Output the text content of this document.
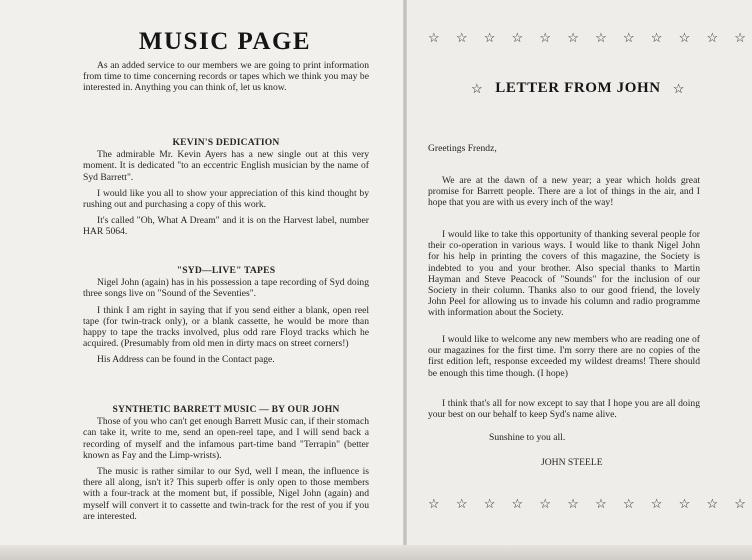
MUSIC PAGE

As an added service to our members we are going to print information from time to time concerning records or tapes which we think you may be interested in. Anything you can think of, let us know.

KEVIN'S DEDICATION

The admirable Mr. Kevin Ayers has a new single out at this very moment. It is dedicated "to an eccentric English musician by the name of Syd Barrett".

I would like you all to show your appreciation of this kind thought by rushing out and purchasing a copy of this work.

It's called "Oh, What A Dream" and it is on the Harvest label, number HAR 5064.

"SYD—LIVE" TAPES

Nigel John (again) has in his possession a tape recording of Syd doing three songs live on "Sound of the Seventies".

I think I am right in saying that if you send either a blank, open reel tape (for twin-track only), or a blank cassette, he would be more than happy to tape the tracks involved, plus odd rare Floyd tracks which he acquired. (Presumably from old men in dirty macs on street corners!)

His Address can be found in the Contact page.

SYNTHETIC BARRETT MUSIC — BY OUR JOHN

Those of you who can't get enough Barrett Music can, if their stomach can take it, write to me, send an open-reel tape, and I will send back a recording of myself and the infamous part-time band "Terrapin" (better known as Fay and the Limp-wrists).

The music is rather similar to our Syd, well I mean, the influence is there all along, isn't it? This superb offer is only open to those members with a four-track at the moment but, if possible, Nigel John (again) and myself will convert it to cassette and twin-track for the rest of you if you are interested.

☆ ☆ ☆ ☆ ☆ ☆ ☆ ☆ ☆ ☆ ☆ ☆
☆ LETTER FROM JOHN ☆
Greetings Frendz,

We are at the dawn of a new year; a year which holds great promise for Barrett people. There are a lot of things in the air, and I hope that you are with us every inch of the way!

I would like to take this opportunity of thanking several people for their co-operation in various ways. I would like to thank Nigel John for his help in printing the covers of this magazine, the Society is indebted to you and your brother. Also special thanks to Martin Hayman and Steve Peacock of "Sounds" for the inclusion of our Society in their column. Thanks also to our good friend, the lovely John Peel for allowing us to invade his column and radio programme with information about the Society.

I would like to welcome any new members who are reading one of our magazines for the first time. I'm sorry there are no copies of the first edition left, response exceeded my wildest dreams! There should be enough this time though. (I hope)

I think that's all for now except to say that I hope you are all doing your best on our behalf to keep Syd's name alive.

Sunshine to you all.
JOHN STEELE
☆ ☆ ☆ ☆ ☆ ☆ ☆ ☆ ☆ ☆ ☆ ☆
